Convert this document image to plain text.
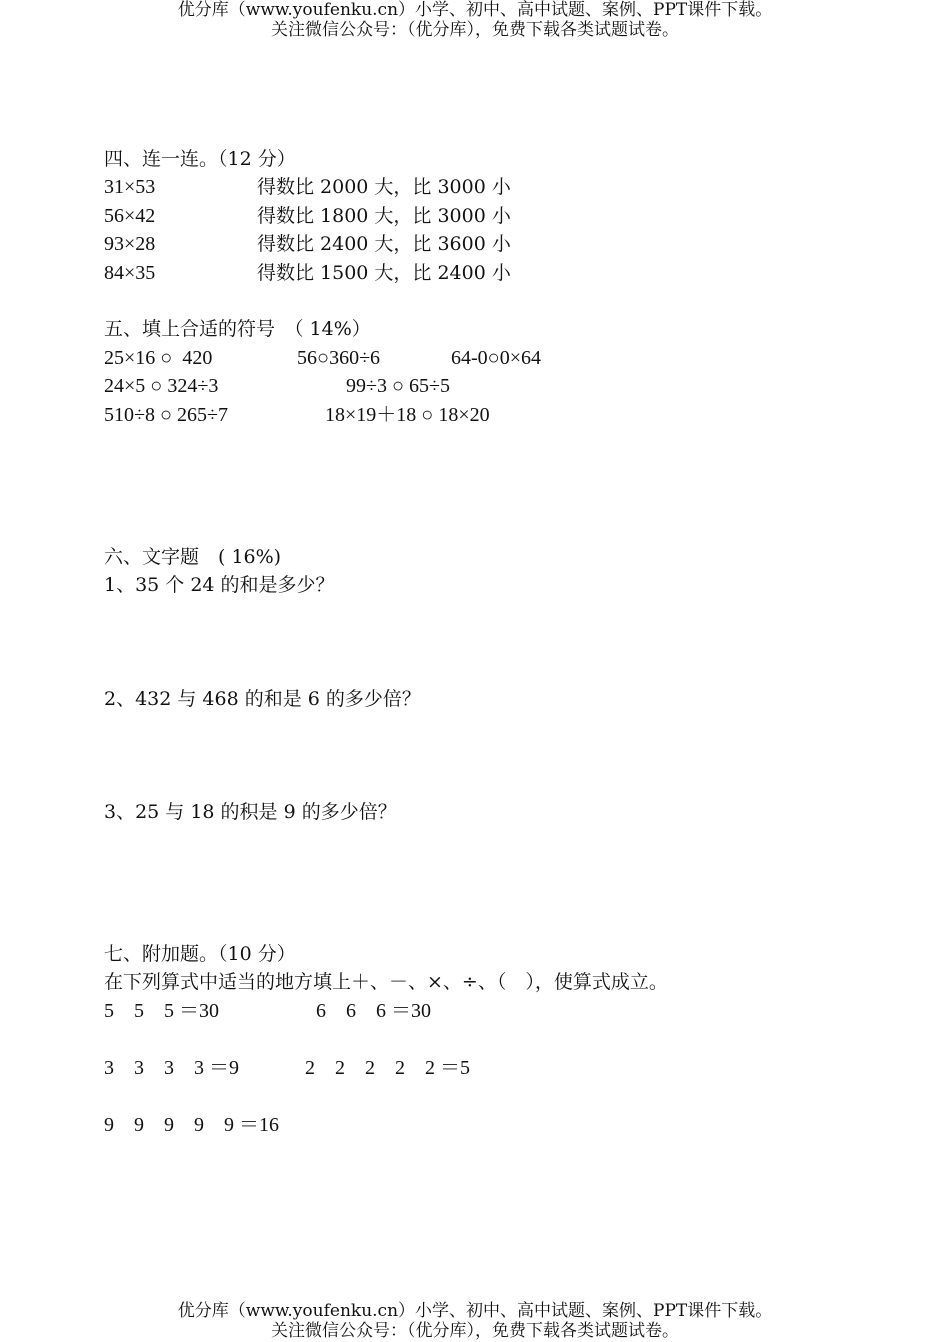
优分库（www.youfenku.cn）小学、初中、高中试题、案例、PPT课件下载。
关注微信公众号：（优分库），免费下载各类试题试卷。
四、连一连。（12 分）
31×53	得数比 2000 大，比 3000 小
56×42	得数比 1800 大，比 3000 小
93×28	得数比 2400 大，比 3600 小
84×35	得数比 1500 大，比 2400 小
五、填上合适的符号　（ 14%）
25×16 ○  420	56○360÷6	64-0○0×64
24×5 ○ 324÷3	99÷3 ○ 65÷5
510÷8 ○ 265÷7	18×19＋18 ○ 18×20
六、文字题　( 16%)
1、35 个 24 的和是多少？
2、432 与 468 的和是 6 的多少倍？
3、25 与 18 的积是 9 的多少倍？
七、附加题。（10 分）
在下列算式中适当的地方填上＋、－、×、÷、（　），使算式成立。
5　5　5 ＝30	6　6　6 ＝30
3　3　3　3 ＝9	2　2　2　2　2 ＝5
9　9　9　9　9 ＝16
优分库（www.youfenku.cn）小学、初中、高中试题、案例、PPT课件下载。
关注微信公众号：（优分库），免费下载各类试题试卷。
